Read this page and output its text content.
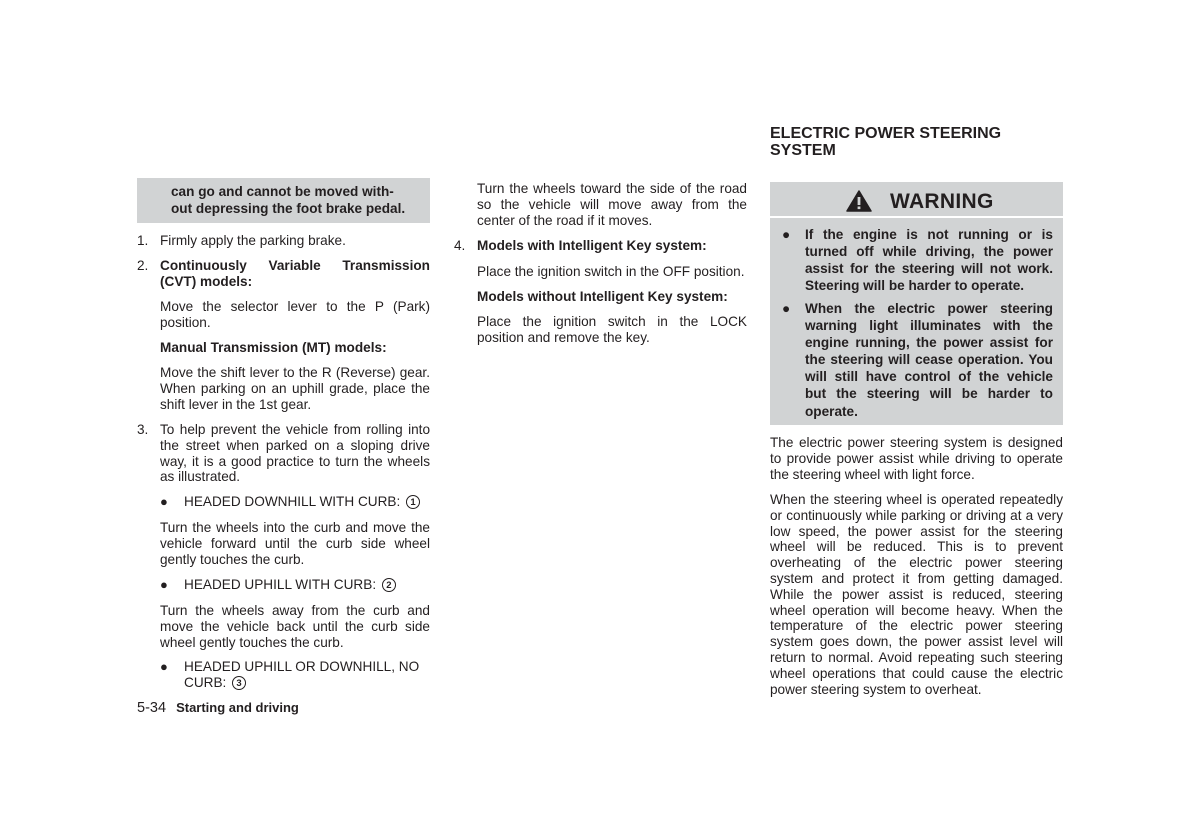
can go and cannot be moved with-
out depressing the foot brake pedal.

1. Firmly apply the parking brake.
2. Continuously Variable Transmission (CVT) models:
Move the selector lever to the P (Park) position.
Manual Transmission (MT) models:
Move the shift lever to the R (Reverse) gear. When parking on an uphill grade, place the shift lever in the 1st gear.
3. To help prevent the vehicle from rolling into the street when parked on a sloping drive way, it is a good practice to turn the wheels as illustrated.
● HEADED DOWNHILL WITH CURB: 1
Turn the wheels into the curb and move the vehicle forward until the curb side wheel gently touches the curb.
● HEADED UPHILL WITH CURB: 2
Turn the wheels away from the curb and move the vehicle back until the curb side wheel gently touches the curb.
● HEADED UPHILL OR DOWNHILL, NO CURB: 3
Turn the wheels toward the side of the road so the vehicle will move away from the center of the road if it moves.
4. Models with Intelligent Key system:
Place the ignition switch in the OFF position.
Models without Intelligent Key system:
Place the ignition switch in the LOCK position and remove the key.
ELECTRIC POWER STEERING SYSTEM
WARNING
● If the engine is not running or is turned off while driving, the power assist for the steering will not work. Steering will be harder to operate.
● When the electric power steering warning light illuminates with the engine running, the power assist for the steering will cease operation. You will still have control of the vehicle but the steering will be harder to operate.
The electric power steering system is designed to provide power assist while driving to operate the steering wheel with light force.
When the steering wheel is operated repeatedly or continuously while parking or driving at a very low speed, the power assist for the steering wheel will be reduced. This is to prevent overheating of the electric power steering system and protect it from getting damaged. While the power assist is reduced, steering wheel operation will become heavy. When the temperature of the electric power steering system goes down, the power assist level will return to normal. Avoid repeating such steering wheel operations that could cause the electric power steering system to overheat.
5-34 Starting and driving
